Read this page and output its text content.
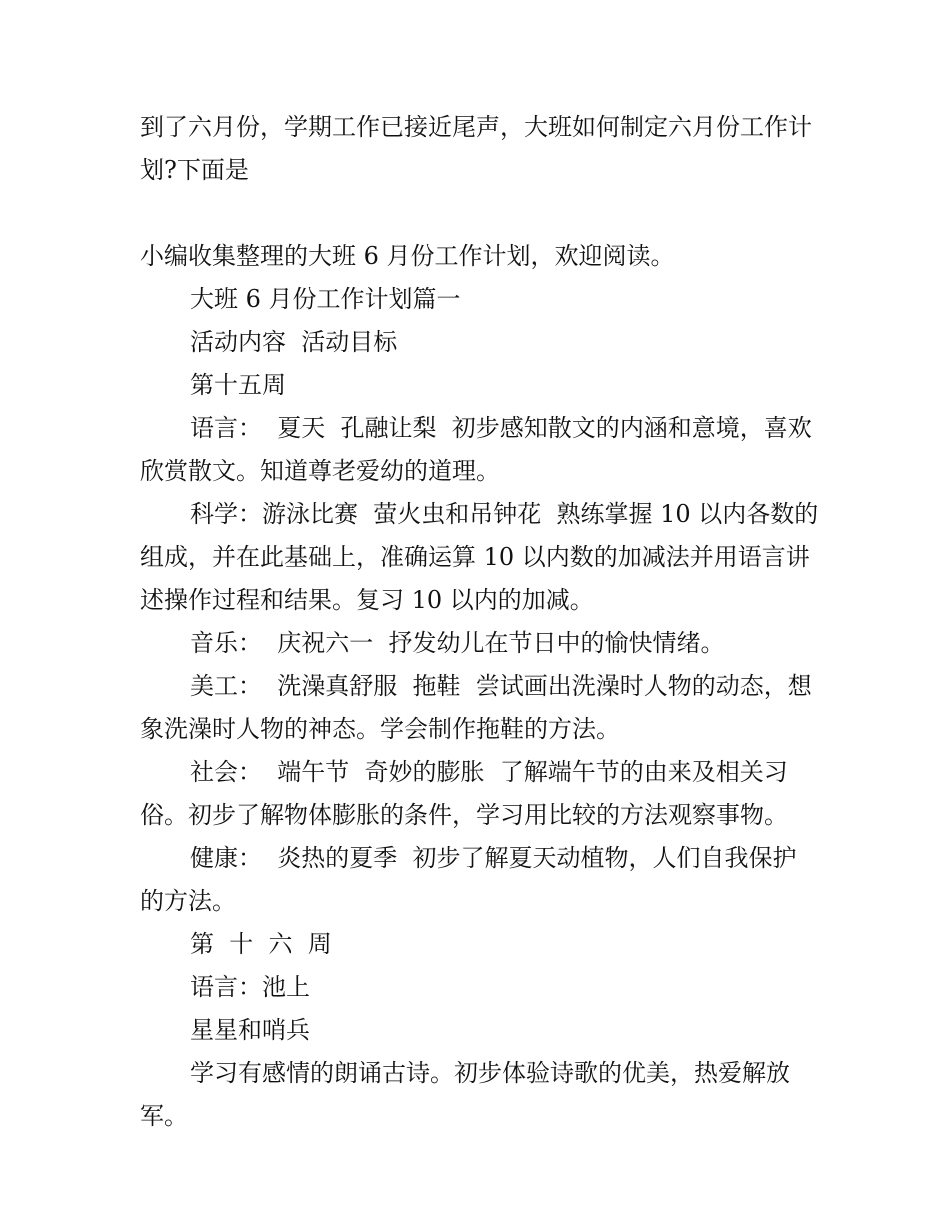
到了六月份，学期工作已接近尾声，大班如何制定六月份工作计划?下面是

小编收集整理的大班 6 月份工作计划，欢迎阅读。

大班 6 月份工作计划篇一

活动内容  活动目标

第十五周

语言：  夏天  孔融让梨  初步感知散文的内涵和意境，喜欢欣赏散文。知道尊老爱幼的道理。

科学：游泳比赛  萤火虫和吊钟花  熟练掌握 10 以内各数的组成，并在此基础上，准确运算 10 以内数的加减法并用语言讲述操作过程和结果。复习 10 以内的加减。

音乐：  庆祝六一  抒发幼儿在节日中的愉快情绪。

美工：  洗澡真舒服  拖鞋  尝试画出洗澡时人物的动态，想象洗澡时人物的神态。学会制作拖鞋的方法。

社会：  端午节  奇妙的膨胀  了解端午节的由来及相关习俗。初步了解物体膨胀的条件，学习用比较的方法观察事物。

健康：  炎热的夏季  初步了解夏天动植物，人们自我保护的方法。

第  十  六  周

语言：池上

星星和哨兵

学习有感情的朗诵古诗。初步体验诗歌的优美，热爱解放军。
